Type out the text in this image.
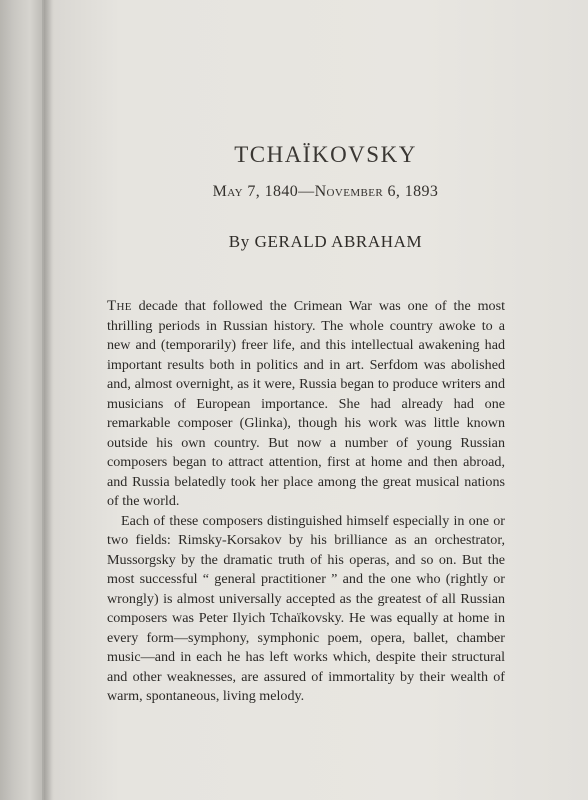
TCHAÏKOVSKY
May 7, 1840—November 6, 1893
By GERALD ABRAHAM

The decade that followed the Crimean War was one of the most thrilling periods in Russian history. The whole country awoke to a new and (temporarily) freer life, and this intellectual awakening had important results both in politics and in art. Serfdom was abolished and, almost overnight, as it were, Russia began to produce writers and musicians of European importance. She had already had one remarkable composer (Glinka), though his work was little known outside his own country. But now a number of young Russian composers began to attract attention, first at home and then abroad, and Russia belatedly took her place among the great musical nations of the world.

Each of these composers distinguished himself especially in one or two fields: Rimsky-Korsakov by his brilliance as an orchestrator, Mussorgsky by the dramatic truth of his operas, and so on. But the most successful “ general practitioner ” and the one who (rightly or wrongly) is almost universally accepted as the greatest of all Russian composers was Peter Ilyich Tchaïkovsky. He was equally at home in every form—symphony, symphonic poem, opera, ballet, chamber music—and in each he has left works which, despite their structural and other weaknesses, are assured of immortality by their wealth of warm, spontaneous, living melody.
